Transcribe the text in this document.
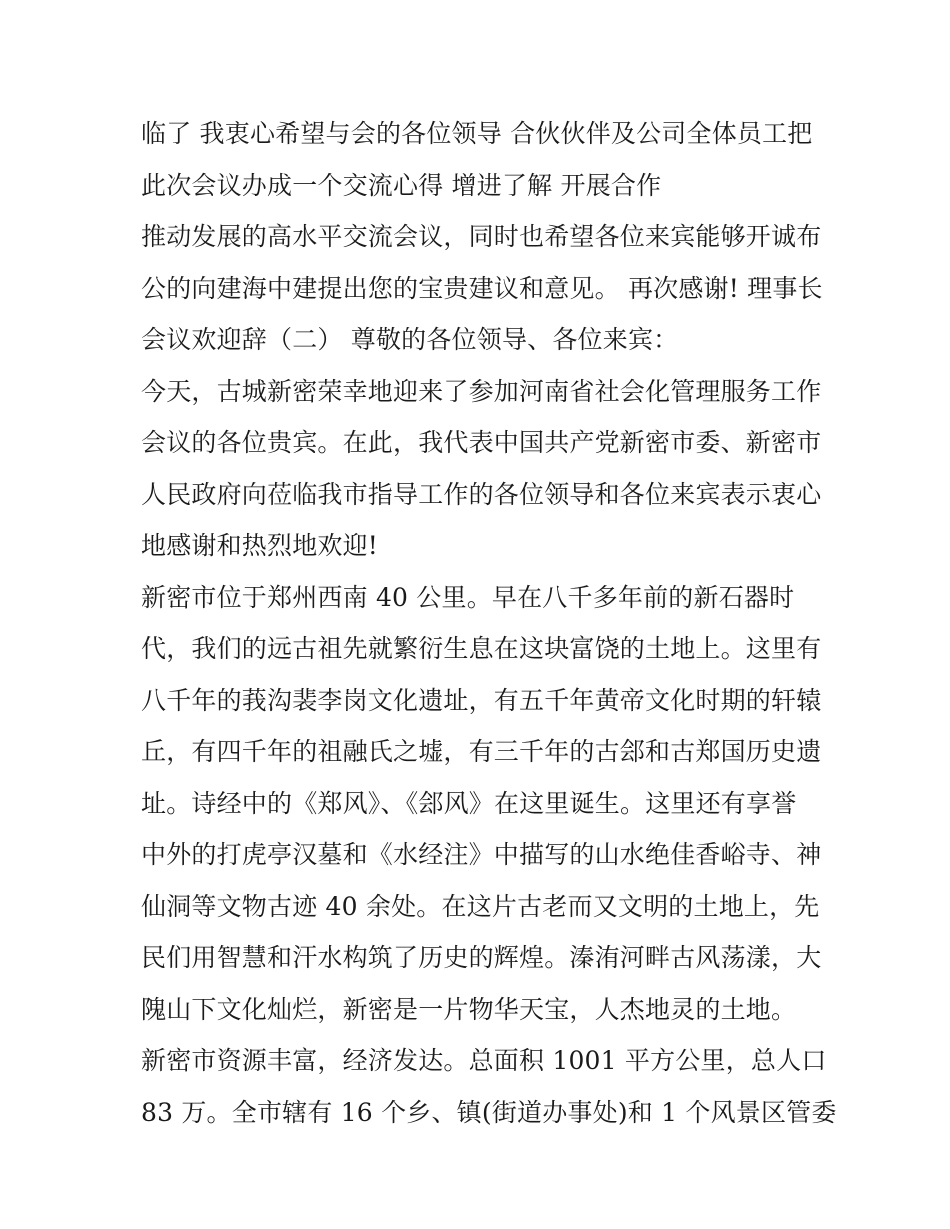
临了 我衷心希望与会的各位领导 合伙伙伴及公司全体员工把
此次会议办成一个交流心得 增进了解 开展合作
推动发展的高水平交流会议，同时也希望各位来宾能够开诚布
公的向建海中建提出您的宝贵建议和意见。 再次感谢! 理事长
会议欢迎辞（二） 尊敬的各位领导、各位来宾：
今天，古城新密荣幸地迎来了参加河南省社会化管理服务工作
会议的各位贵宾。在此，我代表中国共产党新密市委、新密市
人民政府向莅临我市指导工作的各位领导和各位来宾表示衷心
地感谢和热烈地欢迎!
新密市位于郑州西南 40 公里。早在八千多年前的新石器时
代，我们的远古祖先就繁衍生息在这块富饶的土地上。这里有
八千年的莪沟裴李岗文化遗址，有五千年黄帝文化时期的轩辕
丘，有四千年的祖融氏之墟，有三千年的古郐和古郑国历史遗
址。诗经中的《郑风》、《郐风》在这里诞生。这里还有享誉
中外的打虎亭汉墓和《水经注》中描写的山水绝佳香峪寺、神
仙洞等文物古迹 40 余处。在这片古老而又文明的土地上，先
民们用智慧和汗水构筑了历史的辉煌。溱洧河畔古风荡漾，大
隗山下文化灿烂，新密是一片物华天宝，人杰地灵的土地。
新密市资源丰富，经济发达。总面积 1001 平方公里，总人口
83 万。全市辖有 16 个乡、镇(街道办事处)和 1 个风景区管委
